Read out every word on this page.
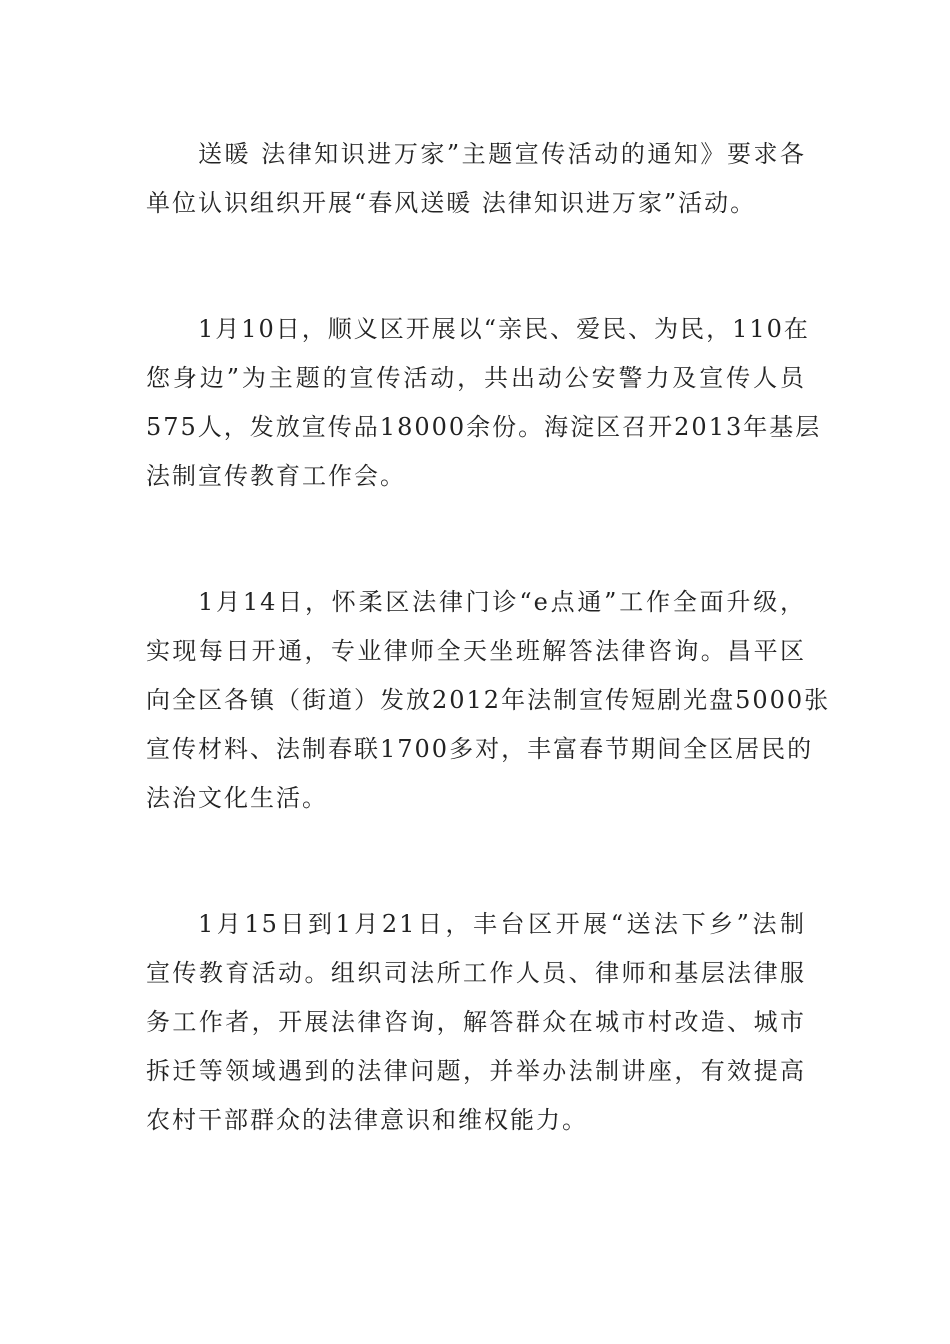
送暖 法律知识进万家”主题宣传活动的通知》要求各
单位认识组织开展“春风送暖 法律知识进万家”活动。
1月10日，顺义区开展以“亲民、爱民、为民，110在
您身边”为主题的宣传活动，共出动公安警力及宣传人员
575人，发放宣传品18000余份。海淀区召开2013年基层
法制宣传教育工作会。
1月14日，怀柔区法律门诊“e点通”工作全面升级，
实现每日开通，专业律师全天坐班解答法律咨询。昌平区
向全区各镇（街道）发放2012年法制宣传短剧光盘5000张
宣传材料、法制春联1700多对，丰富春节期间全区居民的
法治文化生活。
1月15日到1月21日，丰台区开展“送法下乡”法制
宣传教育活动。组织司法所工作人员、律师和基层法律服
务工作者，开展法律咨询，解答群众在城市村改造、城市
拆迁等领域遇到的法律问题，并举办法制讲座，有效提高
农村干部群众的法律意识和维权能力。
